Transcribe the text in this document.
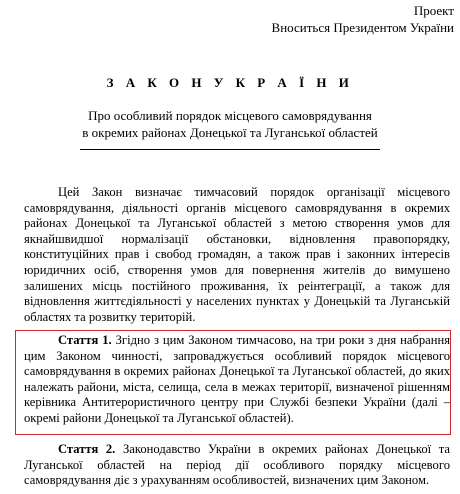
Проект
Вноситься Президентом України
З А К О Н У К Р А Ї Н И
Про особливий порядок місцевого самоврядування
в окремих районах Донецької та Луганської областей

Цей Закон визначає тимчасовий порядок організації місцевого самоврядування, діяльності органів місцевого самоврядування в окремих районах Донецької та Луганської областей з метою створення умов для якнайшвидшої нормалізації обстановки, відновлення правопорядку, конституційних прав і свобод громадян, а також прав і законних інтересів юридичних осіб, створення умов для повернення жителів до вимушено залишених місць постійного проживання, їх реінтеграції, а також для відновлення життєдіяльності у населених пунктах у Донецькій та Луганській областях та розвитку територій.

Стаття 1. Згідно з цим Законом тимчасово, на три роки з дня набрання цим Законом чинності, запроваджується особливий порядок місцевого самоврядування в окремих районах Донецької та Луганської областей, до яких належать райони, міста, селища, села в межах території, визначеної рішенням керівника Антитерористичного центру при Службі безпеки України (далі – окремі райони Донецької та Луганської областей).

Стаття 2. Законодавство України в окремих районах Донецької та Луганської областей на період дії особливого порядку місцевого самоврядування діє з урахуванням особливостей, визначених цим Законом.
